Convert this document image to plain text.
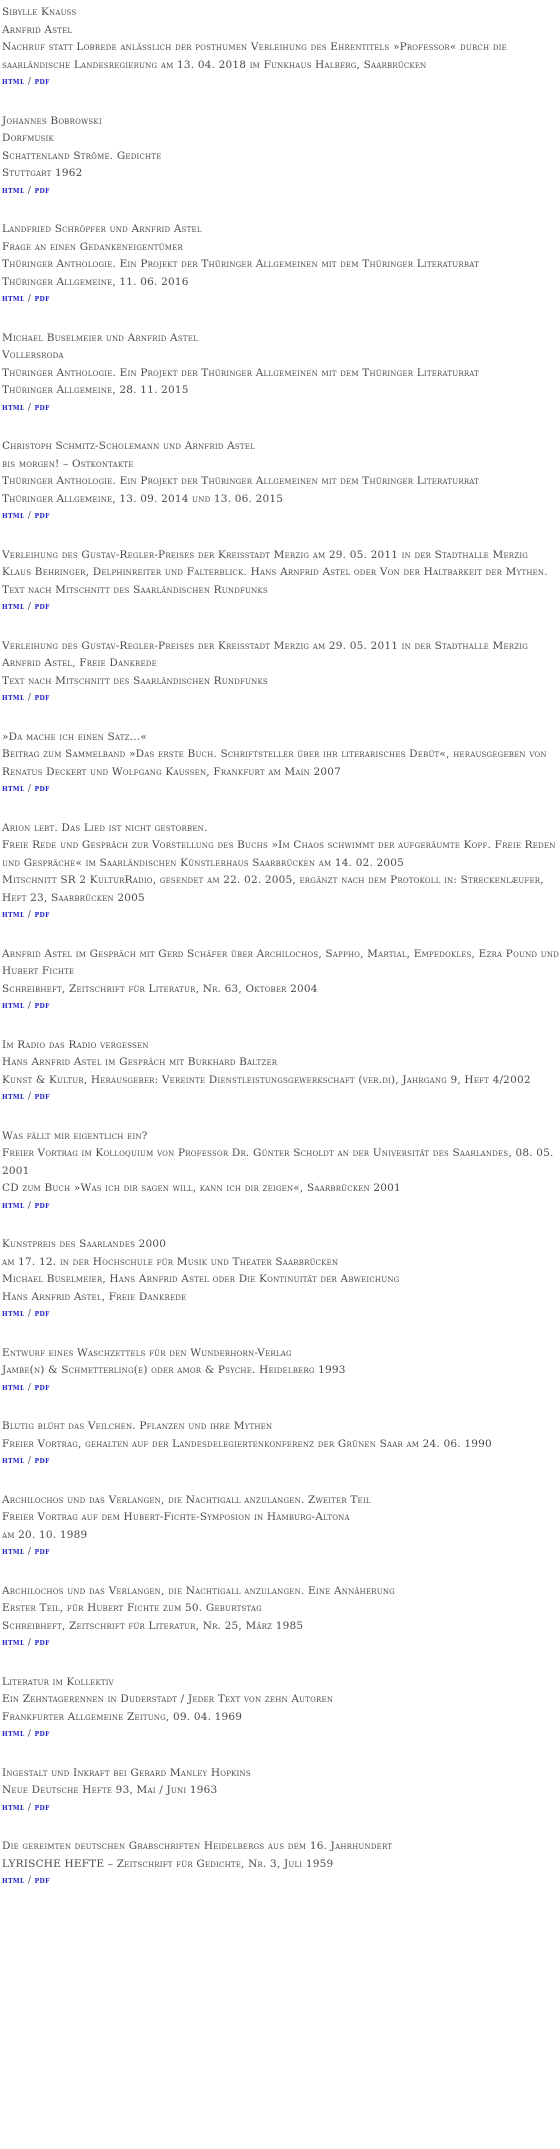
Sibylle Knauss
Arnfrid Astel
Nachruf statt Lobrede anlässlich der posthumen Verleihung des Ehrentitels »Professor« durch die saarländische Landesregierung am 13. 04. 2018 im Funkhaus Halberg, Saarbrücken
html / pdf
Johannes Bobrowski
Dorfmusik
Schattenland Ströme. Gedichte
Stuttgart 1962
html / pdf
Landfried Schröpfer und Arnfrid Astel
Frage an einen Gedankeneigentümer
Thüringer Anthologie. Ein Projekt der Thüringer Allgemeinen mit dem Thüringer Literaturrat
Thüringer Allgemeine, 11. 06. 2016
html / pdf
Michael Buselmeier und Arnfrid Astel
Vollersroda
Thüringer Anthologie. Ein Projekt der Thüringer Allgemeinen mit dem Thüringer Literaturrat
Thüringer Allgemeine, 28. 11. 2015
html / pdf
Christoph Schmitz-Scholemann und Arnfrid Astel
bis morgen! – Ostkontakte
Thüringer Anthologie. Ein Projekt der Thüringer Allgemeinen mit dem Thüringer Literaturrat
Thüringer Allgemeine, 13. 09. 2014 und 13. 06. 2015
html / pdf
Verleihung des Gustav-Regler-Preises der Kreisstadt Merzig am 29. 05. 2011 in der Stadthalle Merzig
Klaus Behringer, Delphinreiter und Falterblick. Hans Arnfrid Astel oder Von der Haltbarkeit der Mythen.
Text nach Mitschnitt des Saarländischen Rundfunks
html / pdf
Verleihung des Gustav-Regler-Preises der Kreisstadt Merzig am 29. 05. 2011 in der Stadthalle Merzig
Arnfrid Astel, Freie Dankrede
Text nach Mitschnitt des Saarländischen Rundfunks
html / pdf
»Da mache ich einen Satz…«
Beitrag zum Sammelband »Das erste Buch. Schriftsteller über ihr literarisches Debüt«, herausgegeben von Renatus Deckert und Wolfgang Kaussen, Frankfurt am Main 2007
html / pdf
Arion lebt. Das Lied ist nicht gestorben.
Freie Rede und Gespräch zur Vorstellung des Buchs »Im Chaos schwimmt der aufgeräumte Kopf. Freie Reden und Gespräche« im Saarländischen Künstlerhaus Saarbrücken am 14. 02. 2005
Mitschnitt SR 2 KulturRadio, gesendet am 22. 02. 2005, ergänzt nach dem Protokoll in: Streckenlæufer, Heft 23, Saarbrücken 2005
html / pdf
Arnfrid Astel im Gespräch mit Gerd Schäfer über Archilochos, Sappho, Martial, Empedokles, Ezra Pound und Hubert Fichte
Schreibheft, Zeitschrift für Literatur, Nr. 63, Oktober 2004
html / pdf
Im Radio das Radio vergessen
Hans Arnfrid Astel im Gespräch mit Burkhard Baltzer
Kunst & Kultur, Herausgeber: Vereinte Dienstleistungsgewerkschaft (ver.di), Jahrgang 9, Heft 4/2002
html / pdf
Was fällt mir eigentlich ein?
Freier Vortrag im Kolloquium von Professor Dr. Günter Scholdt an der Universität des Saarlandes, 08. 05. 2001
CD zum Buch »Was ich dir sagen will, kann ich dir zeigen«, Saarbrücken 2001
html / pdf
Kunstpreis des Saarlandes 2000
am 17. 12. in der Hochschule für Musik und Theater Saarbrücken
Michael Buselmeier, Hans Arnfrid Astel oder Die Kontinuität der Abweichung
Hans Arnfrid Astel, Freie Dankrede
html / pdf
Entwurf eines Waschzettels für den Wunderhorn-Verlag
Jambe(n) & Schmetterling(e) oder amor & Psyche. Heidelberg 1993
html / pdf
Blutig blüht das Veilchen. Pflanzen und ihre Mythen
Freier Vortrag, gehalten auf der Landesdelegiertenkonferenz der Grünen Saar am 24. 06. 1990
html / pdf
Archilochos und das Verlangen, die Nachtigall anzulangen. Zweiter Teil
Freier Vortrag auf dem Hubert-Fichte-Symposion in Hamburg-Altona
am 20. 10. 1989
html / pdf
Archilochos und das Verlangen, die Nachtigall anzulangen. Eine Annäherung
Erster Teil, für Hubert Fichte zum 50. Geburtstag
Schreibheft, Zeitschrift für Literatur, Nr. 25, März 1985
html / pdf
Literatur im Kollektiv
Ein Zehntagerennen in Duderstadt / Jeder Text von zehn Autoren
Frankfurter Allgemeine Zeitung, 09. 04. 1969
html / pdf
Ingestalt und Inkraft bei Gerard Manley Hopkins
Neue Deutsche Hefte 93, Mai / Juni 1963
html / pdf
Die gereimten deutschen Grabschriften Heidelbergs aus dem 16. Jahrhundert
LYRISCHE HEFTE – Zeitschrift für Gedichte, Nr. 3, Juli 1959
html / pdf
